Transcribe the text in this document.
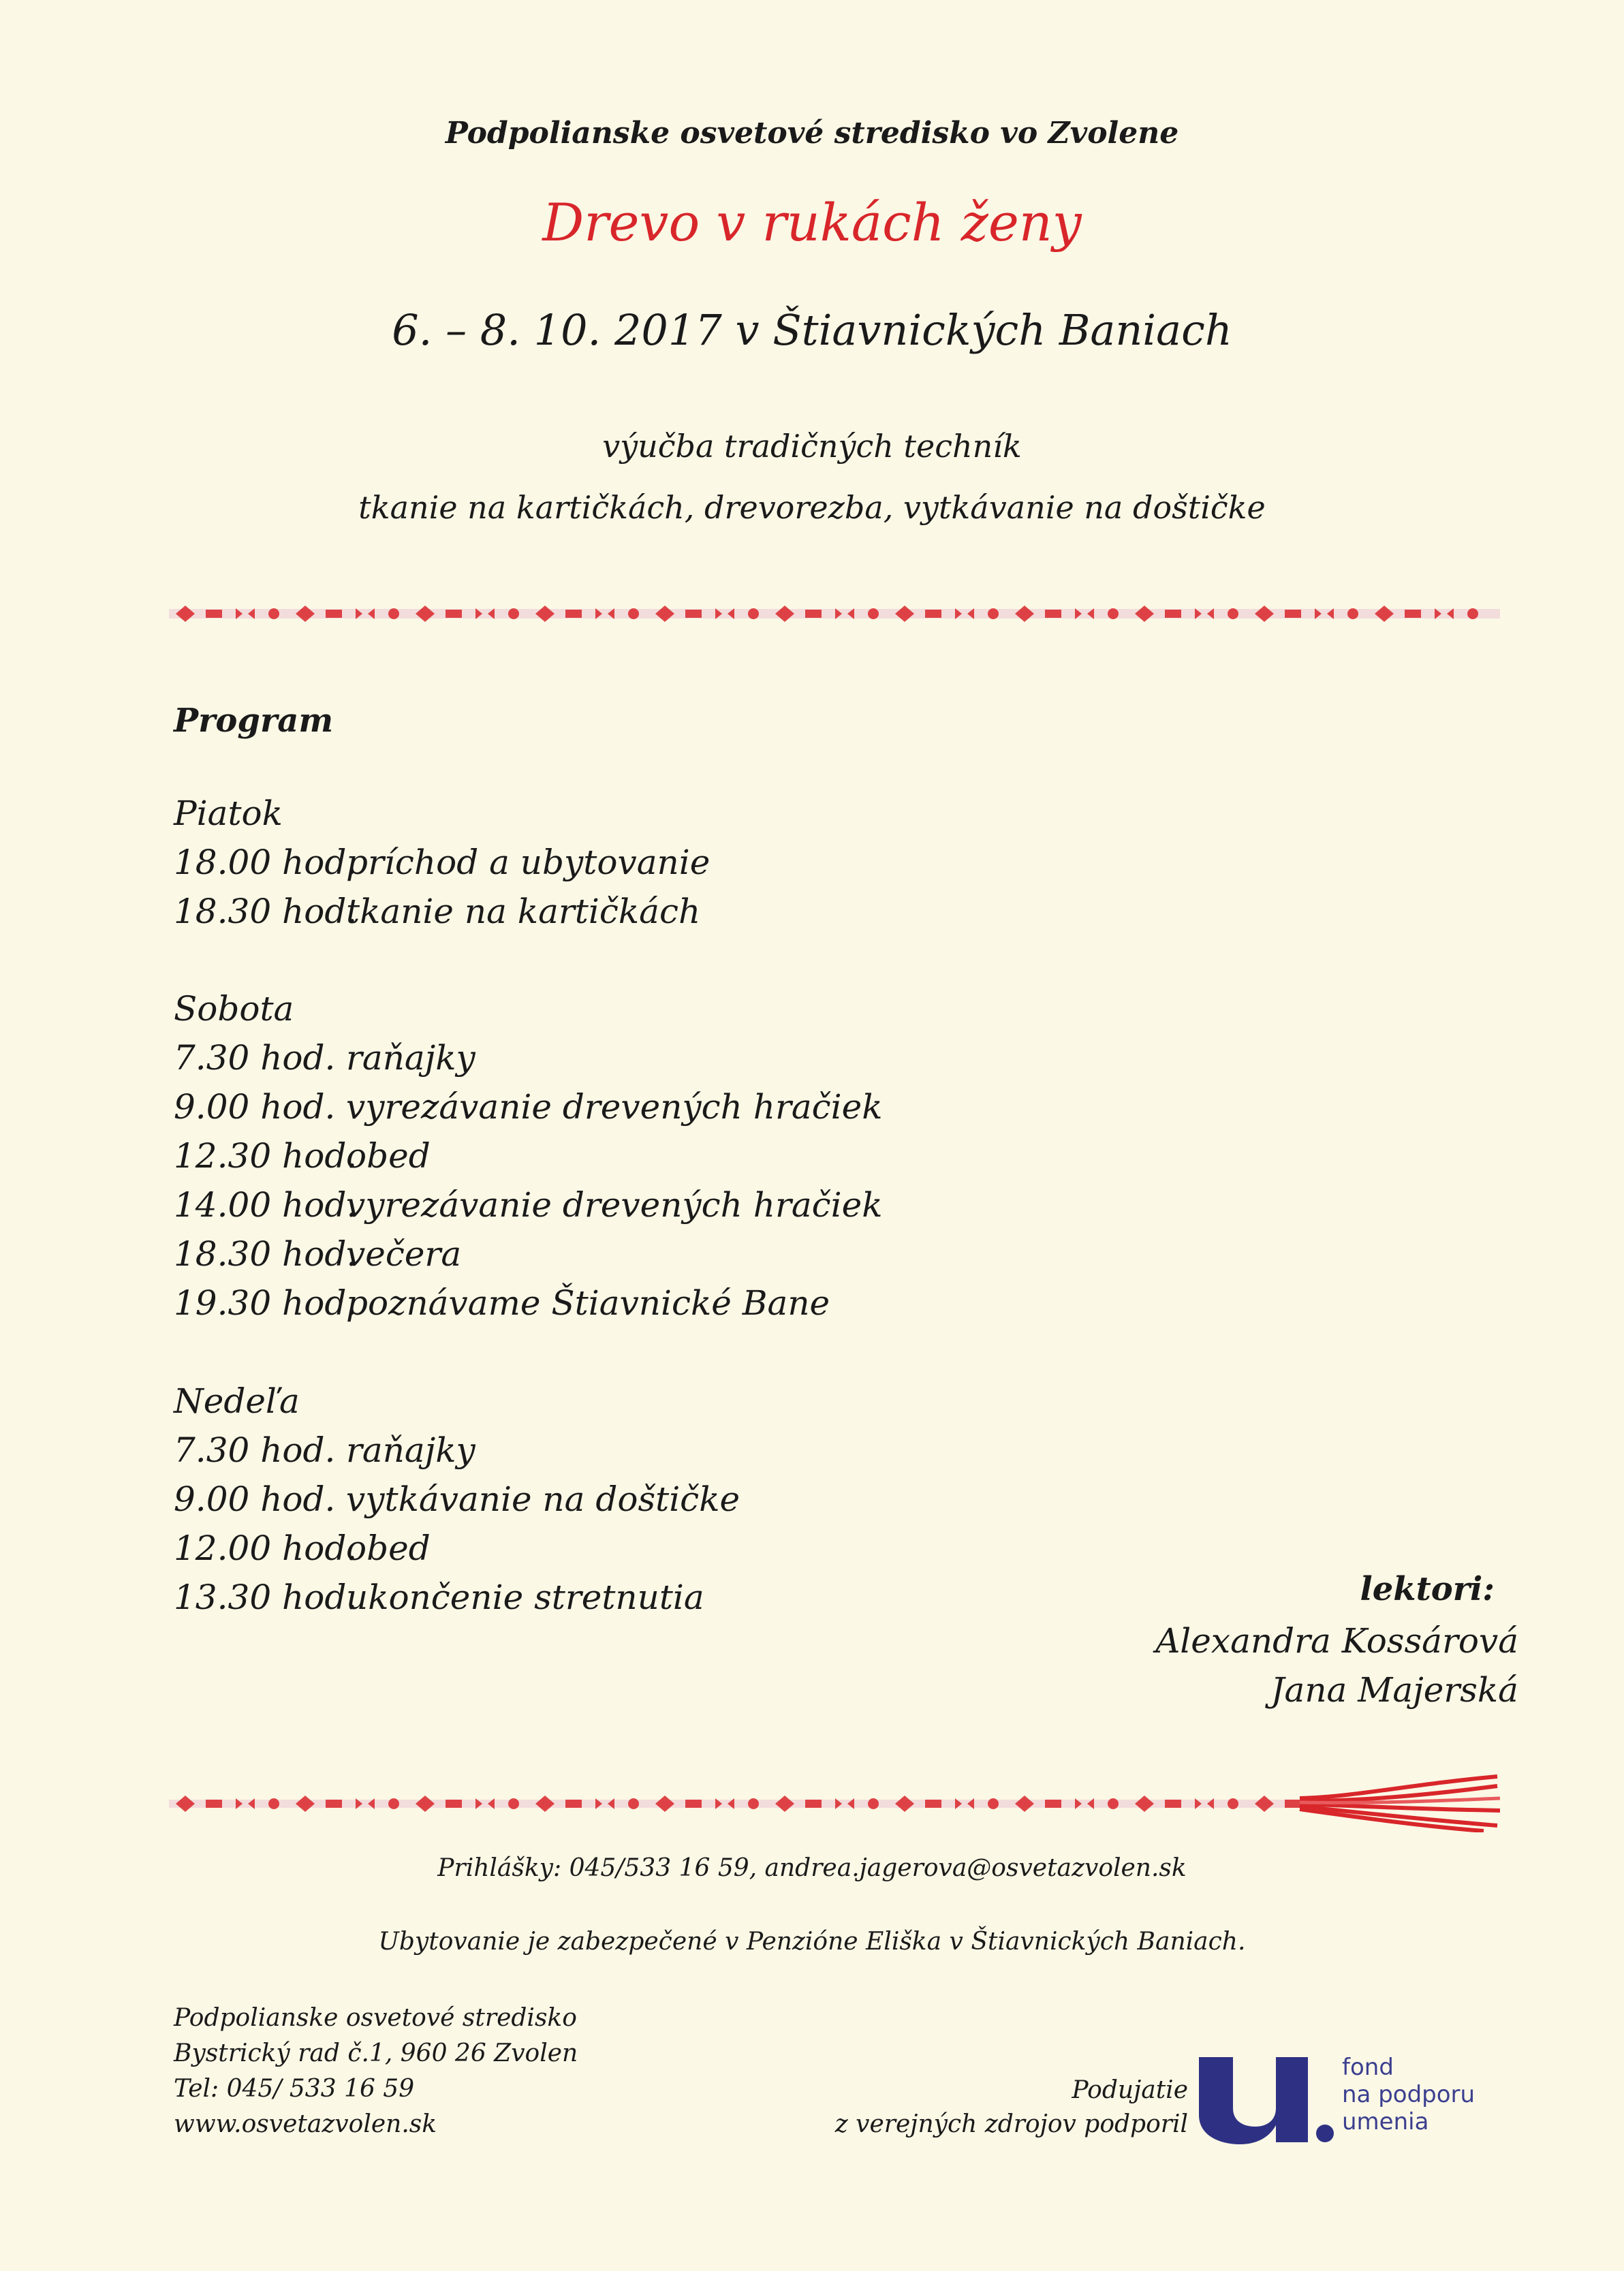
Podpolianske osvetové stredisko vo Zvolene
Drevo v rukách ženy
6. – 8. 10. 2017 v Štiavnických Baniach
výučba tradičných techník
tkanie na kartičkách, drevorezba, vytkávanie na doštičke
Program
Piatok
18.00 hod.príchod a ubytovanie
18.30 hod.tkanie na kartičkách
Sobota
7.30 hod. raňajky
9.00 hod. vyrezávanie drevených hračiek
12.30 hod.obed
14.00 hod.vyrezávanie drevených hračiek
18.30 hod.večera
19.30 hod.poznávame Štiavnické Bane
Nedeľa
7.30 hod. raňajky
9.00 hod. vytkávanie na doštičke
12.00 hod.obed
13.30 hod.ukončenie stretnutia	lektori:
Alexandra Kossárová
Jana Majerská
Prihlášky: 045/533 16 59, andrea.jagerova@osvetazvolen.sk
Ubytovanie je zabezpečené v Penzióne Eliška v Štiavnických Baniach.
Podpolianske osvetové stredisko
Bystrický rad č.1, 960 26 Zvolen
Tel: 045/ 533 16 59
www.osvetazvolen.sk
Podujatie
z verejných zdrojov podporil
fond
na podporu
umenia
